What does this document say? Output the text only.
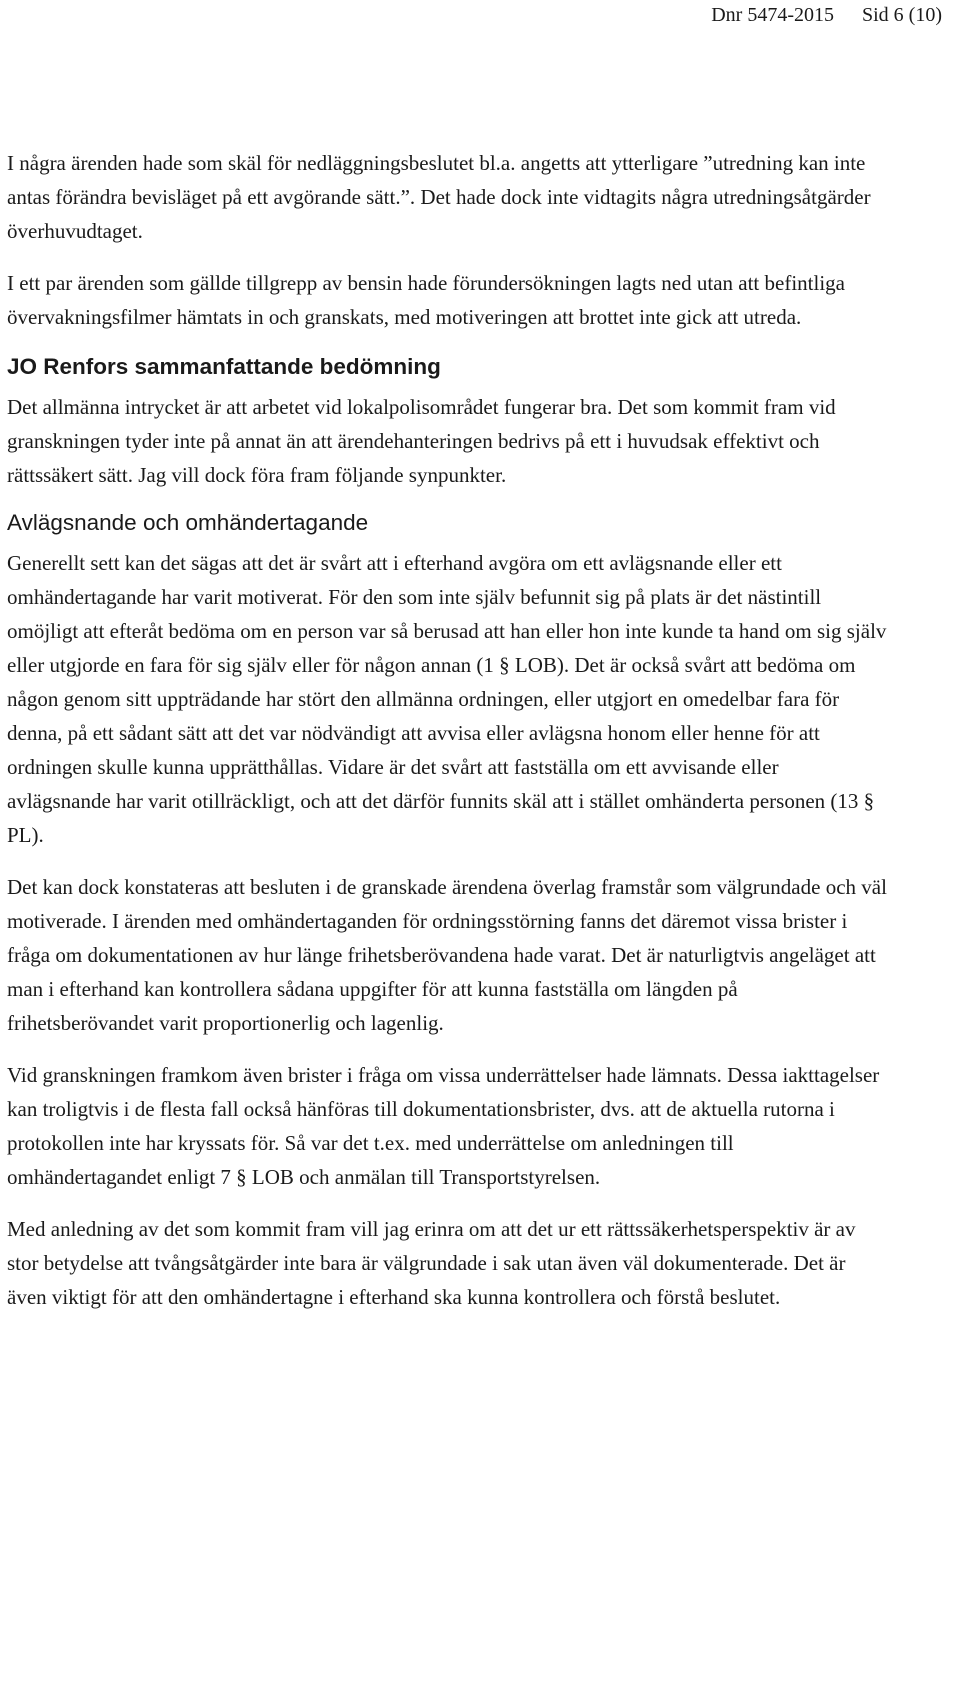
Dnr 5474-2015 Sid 6 (10)

I några ärenden hade som skäl för nedläggningsbeslutet bl.a. angetts att ytterligare ”utredning kan inte antas förändra bevisläget på ett avgörande sätt.”. Det hade dock inte vidtagits några utredningsåtgärder överhuvudtaget.

I ett par ärenden som gällde tillgrepp av bensin hade förundersökningen lagts ned utan att befintliga övervakningsfilmer hämtats in och granskats, med motiveringen att brottet inte gick att utreda.

JO Renfors sammanfattande bedömning

Det allmänna intrycket är att arbetet vid lokalpolisområdet fungerar bra. Det som kommit fram vid granskningen tyder inte på annat än att ärendehanteringen bedrivs på ett i huvudsak effektivt och rättssäkert sätt. Jag vill dock föra fram följande synpunkter.

Avlägsnande och omhändertagande

Generellt sett kan det sägas att det är svårt att i efterhand avgöra om ett avlägsnande eller ett omhändertagande har varit motiverat. För den som inte själv befunnit sig på plats är det nästintill omöjligt att efteråt bedöma om en person var så berusad att han eller hon inte kunde ta hand om sig själv eller utgjorde en fara för sig själv eller för någon annan (1 § LOB). Det är också svårt att bedöma om någon genom sitt uppträdande har stört den allmänna ordningen, eller utgjort en omedelbar fara för denna, på ett sådant sätt att det var nödvändigt att avvisa eller avlägsna honom eller henne för att ordningen skulle kunna upprätthållas. Vidare är det svårt att fastställa om ett avvisande eller avlägsnande har varit otillräckligt, och att det därför funnits skäl att i stället omhänderta personen (13 § PL).

Det kan dock konstateras att besluten i de granskade ärendena överlag framstår som välgrundade och väl motiverade. I ärenden med omhändertaganden för ordningsstörning fanns det däremot vissa brister i fråga om dokumentationen av hur länge frihetsberövandena hade varat. Det är naturligtvis angeläget att man i efterhand kan kontrollera sådana uppgifter för att kunna fastställa om längden på frihetsberövandet varit proportionerlig och lagenlig.

Vid granskningen framkom även brister i fråga om vissa underrättelser hade lämnats. Dessa iakttagelser kan troligtvis i de flesta fall också hänföras till dokumentationsbrister, dvs. att de aktuella rutorna i protokollen inte har kryssats för. Så var det t.ex. med underrättelse om anledningen till omhändertagandet enligt 7 § LOB och anmälan till Transportstyrelsen.

Med anledning av det som kommit fram vill jag erinra om att det ur ett rättssäkerhetsperspektiv är av stor betydelse att tvångsåtgärder inte bara är välgrundade i sak utan även väl dokumenterade. Det är även viktigt för att den omhändertagne i efterhand ska kunna kontrollera och förstå beslutet.
